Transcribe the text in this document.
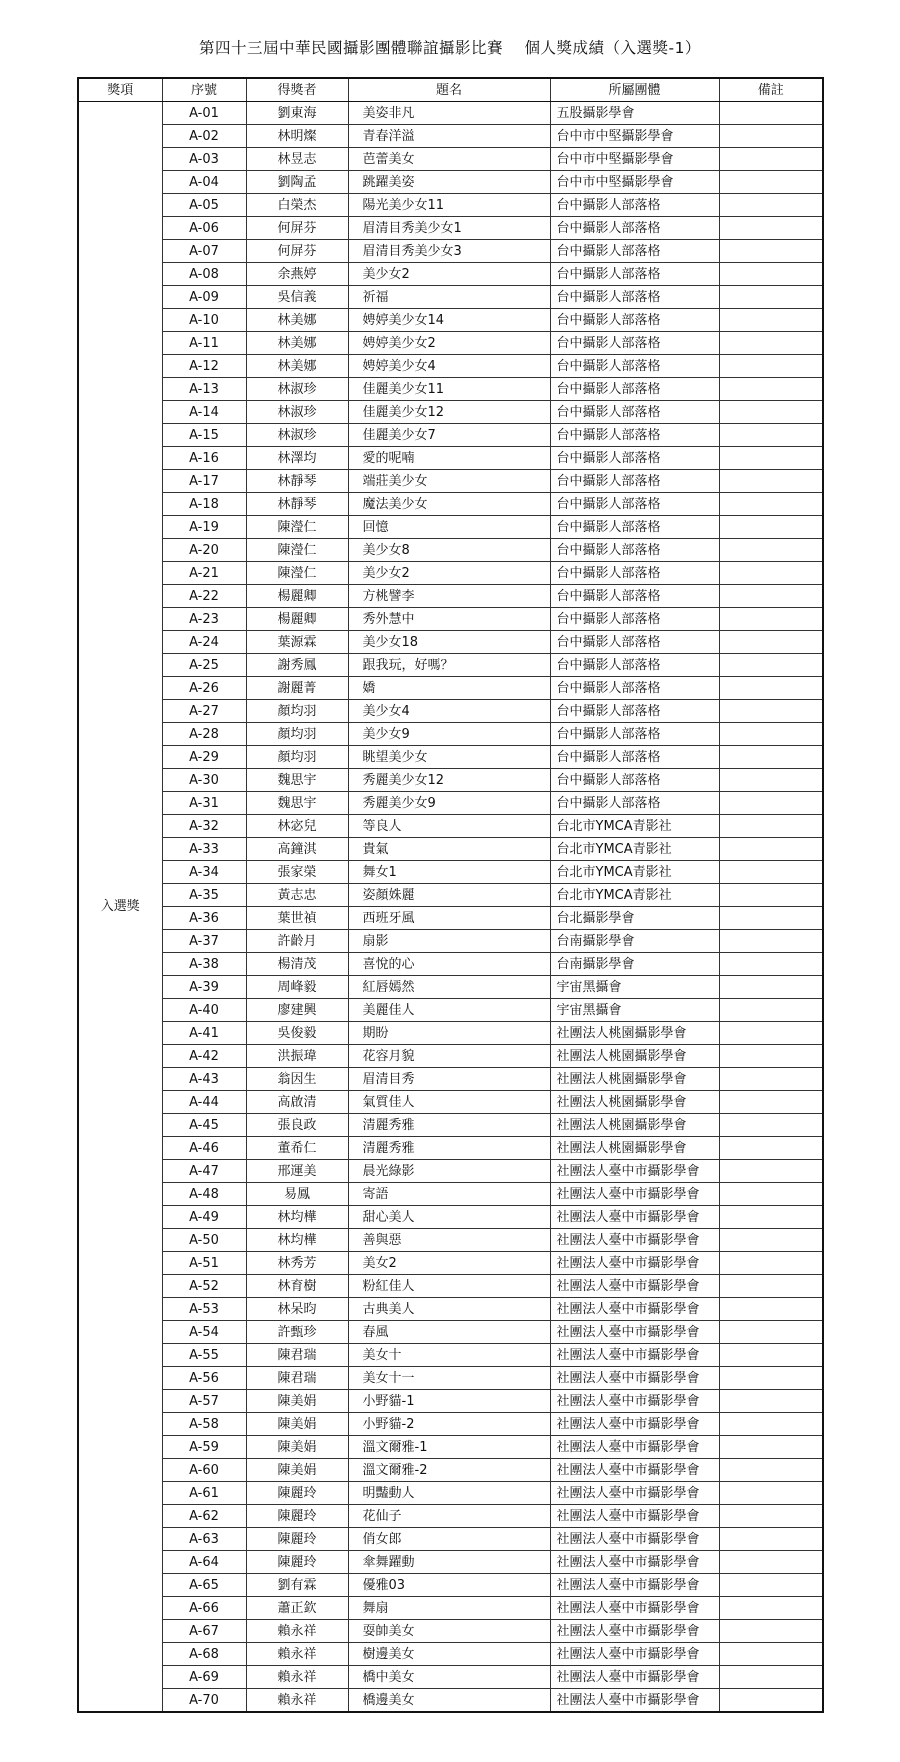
第四十三屆中華民國攝影團體聯誼攝影比賽　 個人獎成績（入選獎-1）
獎項	序號	得獎者	題名	所屬團體	備註
入選獎	A-01	劉東海	美姿非凡	五股攝影學會	
	A-02	林明燦	青春洋溢	台中市中堅攝影學會	
	A-03	林昱志	芭蕾美女	台中市中堅攝影學會	
	A-04	劉陶孟	跳躍美姿	台中市中堅攝影學會	
	A-05	白榮杰	陽光美少女11	台中攝影人部落格	
	A-06	何屏芬	眉清目秀美少女1	台中攝影人部落格	
	A-07	何屏芬	眉清目秀美少女3	台中攝影人部落格	
	A-08	余燕婷	美少女2	台中攝影人部落格	
	A-09	吳信義	祈福	台中攝影人部落格	
	A-10	林美娜	娉婷美少女14	台中攝影人部落格	
	A-11	林美娜	娉婷美少女2	台中攝影人部落格	
	A-12	林美娜	娉婷美少女4	台中攝影人部落格	
	A-13	林淑珍	佳麗美少女11	台中攝影人部落格	
	A-14	林淑珍	佳麗美少女12	台中攝影人部落格	
	A-15	林淑珍	佳麗美少女7	台中攝影人部落格	
	A-16	林澤均	愛的呢喃	台中攝影人部落格	
	A-17	林靜琴	端莊美少女	台中攝影人部落格	
	A-18	林靜琴	魔法美少女	台中攝影人部落格	
	A-19	陳瀅仁	回憶	台中攝影人部落格	
	A-20	陳瀅仁	美少女8	台中攝影人部落格	
	A-21	陳瀅仁	美少女2	台中攝影人部落格	
	A-22	楊麗卿	方桃譬李	台中攝影人部落格	
	A-23	楊麗卿	秀外慧中	台中攝影人部落格	
	A-24	葉源霖	美少女18	台中攝影人部落格	
	A-25	謝秀鳳	跟我玩，好嗎？	台中攝影人部落格	
	A-26	謝麗菁	嬌	台中攝影人部落格	
	A-27	顏均羽	美少女4	台中攝影人部落格	
	A-28	顏均羽	美少女9	台中攝影人部落格	
	A-29	顏均羽	眺望美少女	台中攝影人部落格	
	A-30	魏思宇	秀麗美少女12	台中攝影人部落格	
	A-31	魏思宇	秀麗美少女9	台中攝影人部落格	
	A-32	林宓兒	等良人	台北市YMCA青影社	
	A-33	高鐘淇	貴氣	台北市YMCA青影社	
	A-34	張家榮	舞女1	台北市YMCA青影社	
	A-35	黃志忠	姿顏姝麗	台北市YMCA青影社	
	A-36	葉世禎	西班牙風	台北攝影學會	
	A-37	許齡月	扇影	台南攝影學會	
	A-38	楊清茂	喜悅的心	台南攝影學會	
	A-39	周峰毅	紅唇嫣然	宇宙黑攝會	
	A-40	廖建興	美麗佳人	宇宙黑攝會	
	A-41	吳俊毅	期盼	社團法人桃園攝影學會	
	A-42	洪振瑋	花容月貌	社團法人桃園攝影學會	
	A-43	翁因生	眉清目秀	社團法人桃園攝影學會	
	A-44	高啟清	氣質佳人	社團法人桃園攝影學會	
	A-45	張良政	清麗秀雅	社團法人桃園攝影學會	
	A-46	董希仁	清麗秀雅	社團法人桃園攝影學會	
	A-47	邢運美	晨光綠影	社團法人臺中市攝影學會	
	A-48	易鳳	寄語	社團法人臺中市攝影學會	
	A-49	林均樺	甜心美人	社團法人臺中市攝影學會	
	A-50	林均樺	善與惡	社團法人臺中市攝影學會	
	A-51	林秀芳	美女2	社團法人臺中市攝影學會	
	A-52	林育樹	粉紅佳人	社團法人臺中市攝影學會	
	A-53	林呆昀	古典美人	社團法人臺中市攝影學會	
	A-54	許甄珍	春風	社團法人臺中市攝影學會	
	A-55	陳君瑞	美女十	社團法人臺中市攝影學會	
	A-56	陳君瑞	美女十一	社團法人臺中市攝影學會	
	A-57	陳美娟	小野貓-1	社團法人臺中市攝影學會	
	A-58	陳美娟	小野貓-2	社團法人臺中市攝影學會	
	A-59	陳美娟	溫文爾雅-1	社團法人臺中市攝影學會	
	A-60	陳美娟	溫文爾雅-2	社團法人臺中市攝影學會	
	A-61	陳麗玲	明豔動人	社團法人臺中市攝影學會	
	A-62	陳麗玲	花仙子	社團法人臺中市攝影學會	
	A-63	陳麗玲	俏女郎	社團法人臺中市攝影學會	
	A-64	陳麗玲	傘舞躍動	社團法人臺中市攝影學會	
	A-65	劉有霖	優雅03	社團法人臺中市攝影學會	
	A-66	蕭正欽	舞扇	社團法人臺中市攝影學會	
	A-67	賴永祥	耍帥美女	社團法人臺中市攝影學會	
	A-68	賴永祥	樹邊美女	社團法人臺中市攝影學會	
	A-69	賴永祥	橋中美女	社團法人臺中市攝影學會	
	A-70	賴永祥	橋邊美女	社團法人臺中市攝影學會	
